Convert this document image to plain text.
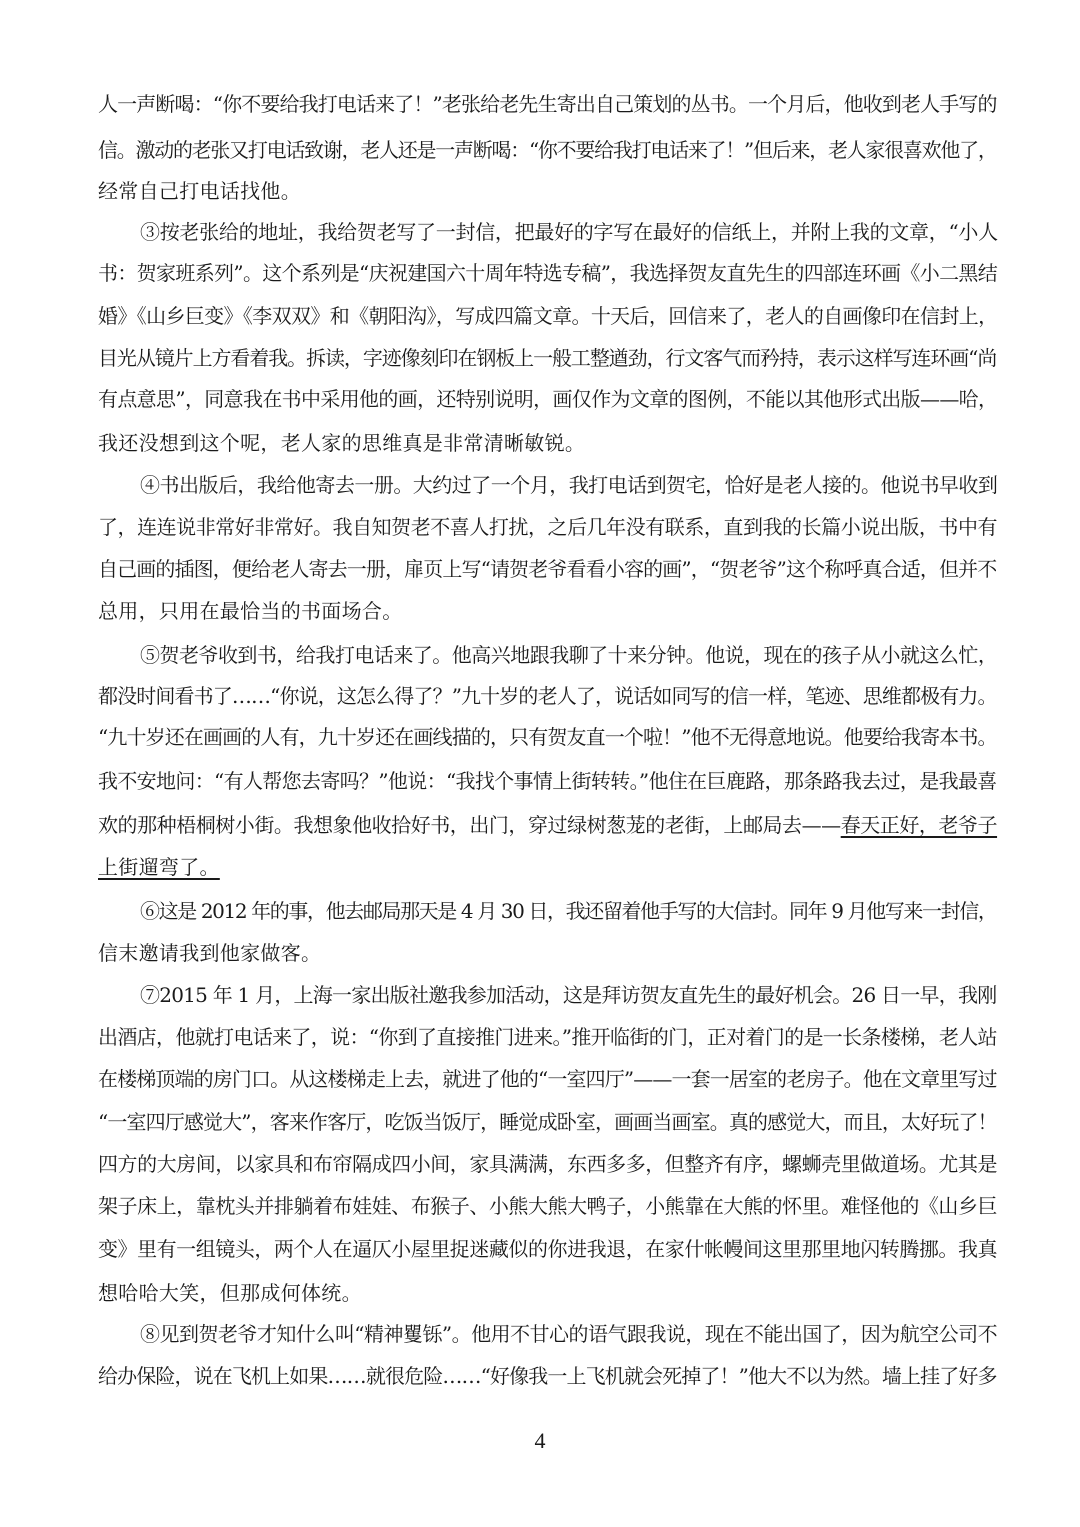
人一声断喝：“你不要给我打电话来了！”老张给老先生寄出自己策划的丛书。一个月后，他收到老人手写的
信。激动的老张又打电话致谢，老人还是一声断喝：“你不要给我打电话来了！”但后来，老人家很喜欢他了，
经常自己打电话找他。
③按老张给的地址，我给贺老写了一封信，把最好的字写在最好的信纸上，并附上我的文章，“小人
书：贺家班系列”。这个系列是“庆祝建国六十周年特选专稿”，我选择贺友直先生的四部连环画《小二黑结
婚》《山乡巨变》《李双双》和《朝阳沟》，写成四篇文章。十天后，回信来了，老人的自画像印在信封上，
目光从镜片上方看着我。拆读，字迹像刻印在钢板上一般工整遒劲，行文客气而矜持，表示这样写连环画“尚
有点意思”，同意我在书中采用他的画，还特别说明，画仅作为文章的图例，不能以其他形式出版——哈，
我还没想到这个呢，老人家的思维真是非常清晰敏锐。
④书出版后，我给他寄去一册。大约过了一个月，我打电话到贺宅，恰好是老人接的。他说书早收到
了，连连说非常好非常好。我自知贺老不喜人打扰，之后几年没有联系，直到我的长篇小说出版，书中有
自己画的插图，便给老人寄去一册，扉页上写“请贺老爷看看小容的画”，“贺老爷”这个称呼真合适，但并不
总用，只用在最恰当的书面场合。
⑤贺老爷收到书，给我打电话来了。他高兴地跟我聊了十来分钟。他说，现在的孩子从小就这么忙，
都没时间看书了……“你说，这怎么得了？”九十岁的老人了，说话如同写的信一样，笔迹、思维都极有力。
“九十岁还在画画的人有，九十岁还在画线描的，只有贺友直一个啦！”他不无得意地说。他要给我寄本书。
我不安地问：“有人帮您去寄吗？”他说：“我找个事情上街转转。”他住在巨鹿路，那条路我去过，是我最喜
欢的那种梧桐树小街。我想象他收拾好书，出门，穿过绿树葱茏的老街，上邮局去——春天正好，老爷子
上街遛弯了。
⑥这是 2012 年的事，他去邮局那天是 4 月 30 日，我还留着他手写的大信封。同年 9 月他写来一封信，
信末邀请我到他家做客。
⑦2015 年 1 月，上海一家出版社邀我参加活动，这是拜访贺友直先生的最好机会。26 日一早，我刚
出酒店，他就打电话来了，说：“你到了直接推门进来。”推开临街的门，正对着门的是一长条楼梯，老人站
在楼梯顶端的房门口。从这楼梯走上去，就进了他的“一室四厅”——一套一居室的老房子。他在文章里写过
“一室四厅感觉大”，客来作客厅，吃饭当饭厅，睡觉成卧室，画画当画室。真的感觉大，而且，太好玩了！
四方的大房间，以家具和布帘隔成四小间，家具满满，东西多多，但整齐有序，螺蛳壳里做道场。尤其是
架子床上，靠枕头并排躺着布娃娃、布猴子、小熊大熊大鸭子，小熊靠在大熊的怀里。难怪他的《山乡巨
变》里有一组镜头，两个人在逼仄小屋里捉迷藏似的你进我退，在家什帐幔间这里那里地闪转腾挪。我真
想哈哈大笑，但那成何体统。
⑧见到贺老爷才知什么叫“精神矍铄”。他用不甘心的语气跟我说，现在不能出国了，因为航空公司不
给办保险，说在飞机上如果……就很危险……“好像我一上飞机就会死掉了！”他大不以为然。墙上挂了好多
4
